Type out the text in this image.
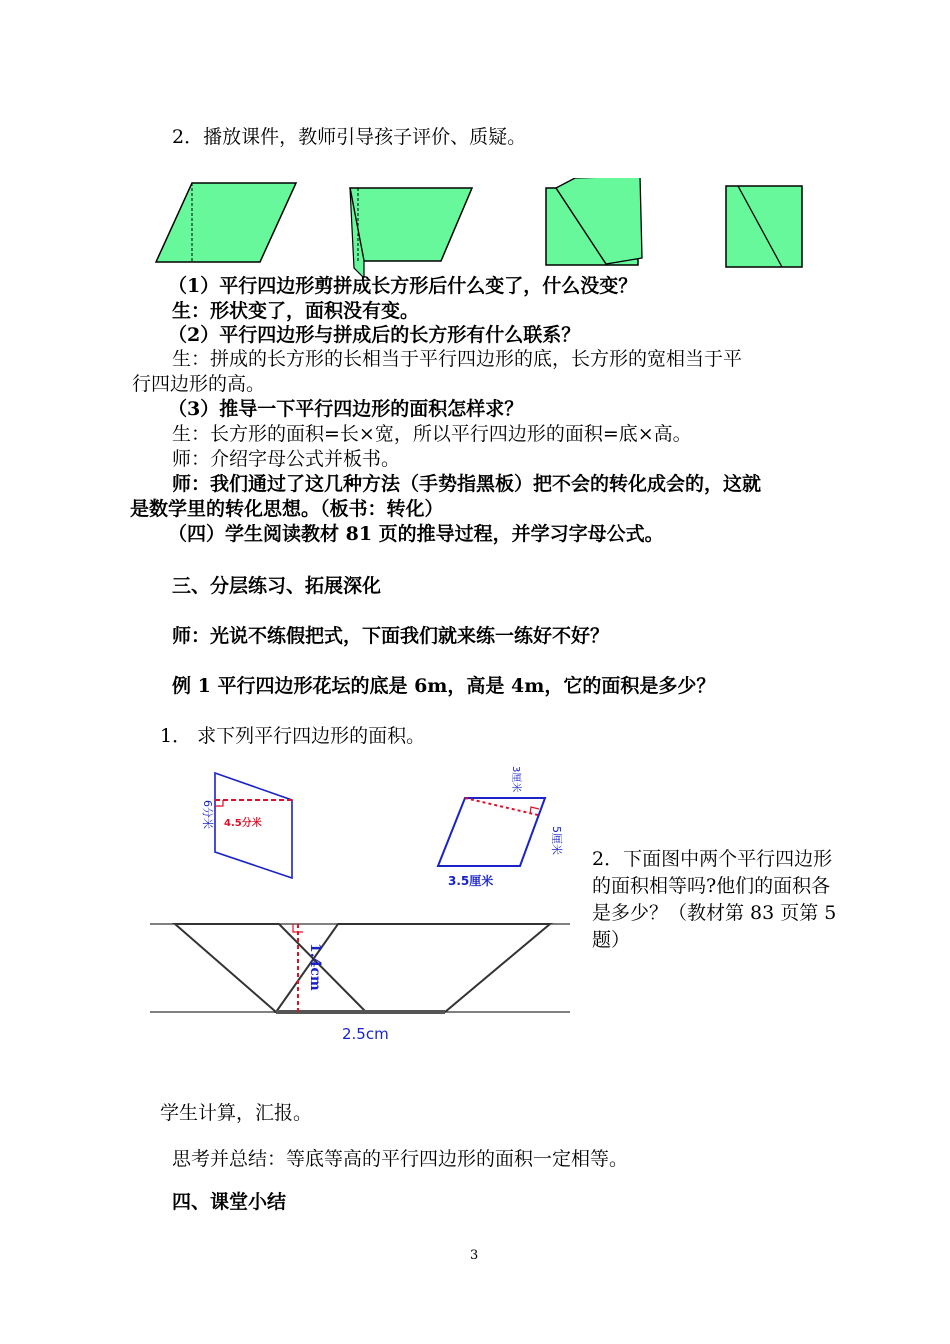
2．播放课件，教师引导孩子评价、质疑。
（1）平行四边形剪拼成长方形后什么变了，什么没变？
生：形状变了，面积没有变。
（2）平行四边形与拼成后的长方形有什么联系？
生：拼成的长方形的长相当于平行四边形的底，长方形的宽相当于平
行四边形的高。
（3）推导一下平行四边形的面积怎样求？
生：长方形的面积=长×宽，所以平行四边形的面积=底×高。
师：介绍字母公式并板书。
师：我们通过了这几种方法（手势指黑板）把不会的转化成会的，这就
是数学里的转化思想。（板书：转化）
（四）学生阅读教材 81 页的推导过程，并学习字母公式。
三、分层练习、拓展深化
师：光说不练假把式，下面我们就来练一练好不好？
例 1 平行四边形花坛的底是 6m，高是 4m，它的面积是多少？
1． 求下列平行四边形的面积。
6分米 4.5分米
3厘米
5厘米
3.5厘米
2．下面图中两个平行四边形的面积相等吗?他们的面积各是多少？（教材第 83 页第 5 题）
1.4cm
2.5cm
学生计算，汇报。
思考并总结：等底等高的平行四边形的面积一定相等。
四、课堂小结
3
